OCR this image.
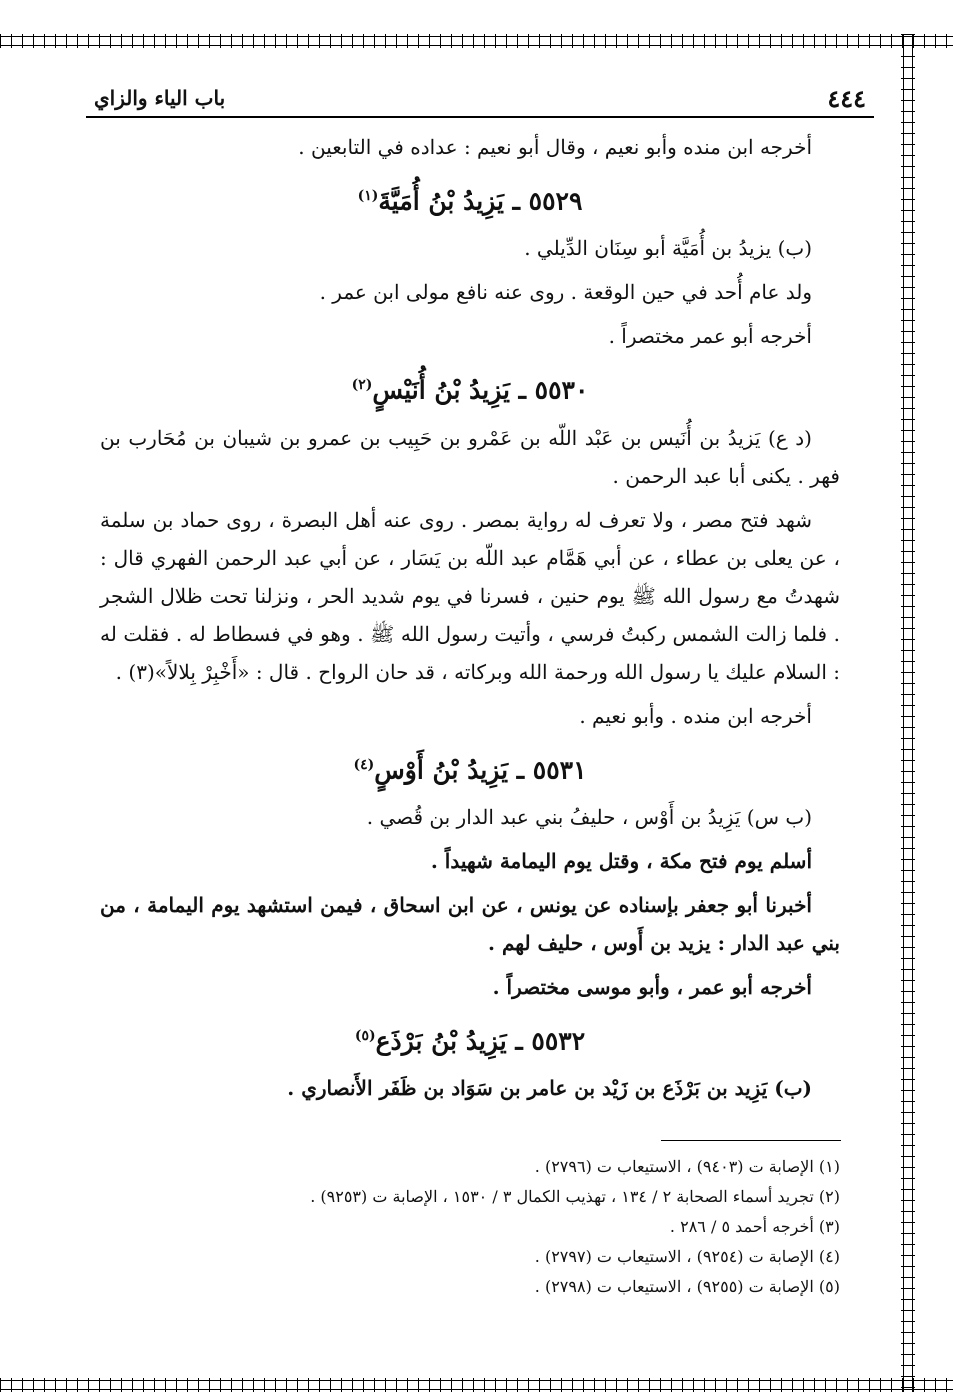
٤٤٤
باب الياء والزاي

أخرجه ابن منده وأبو نعيم ، وقال أبو نعيم : عداده في التابعين .

٥٥٢٩ ـ يَزِيدُ بْنُ أُمَيَّةَ$^{(١)}$

(ب) يزيدُ بن أُمَيَّة أبو سِنَان الدِّيلي .

ولد عام أُحد في حين الوقعة . روى عنه نافع مولى ابن عمر .

أخرجه أبو عمر مختصراً .

٥٥٣٠ ـ يَزِيدُ بْنُ أُنَيْسٍ$^{(٢)}$

(د ع) يَزيدُ بن أُنَيس بن عَبْد اللّه بن عَمْرو بن حَبِيب بن عمرو بن شيبان بن مُحَارب بن فهر . يكنى أبا عبد الرحمن .

شهد فتح مصر ، ولا تعرف له رواية بمصر . روى عنه أهل البصرة ، روى حماد بن سلمة ، عن يعلى بن عطاء ، عن أبي هَمَّام عبد اللّه بن يَسَار ، عن أبي عبد الرحمن الفهري قال : شهدتُ مع رسول الله ﷺ يوم حنين ، فسرنا في يوم شديد الحر ، ونزلنا تحت ظلال الشجر . فلما زالت الشمس ركبتُ فرسي ، وأتيت رسول الله ﷺ . وهو في فسطاط له . فقلت له : السلام عليك يا رسول الله ورحمة الله وبركاته ، قد حان الرواح . قال : «أَخْبِرْ بِلالاً»(٣) .

أخرجه ابن منده . وأبو نعيم .

٥٥٣١ ـ يَزِيدُ بْنُ أَوْسٍ$^{(٤)}$

(ب س) يَزِيدُ بن أَوْس ، حليفُ بني عبد الدار بن قُصي .

أسلم يوم فتح مكة ، وقتل يوم اليمامة شهيداً .

أخبرنا أبو جعفر بإسناده عن يونس ، عن ابن اسحاق ، فيمن استشهد يوم اليمامة ، من بني عبد الدار : يزيد بن أَوس ، حليف لهم .

أخرجه أبو عمر ، وأبو موسى مختصراً .

٥٥٣٢ ـ يَزِيدُ بْنُ بَرْذَع$^{(٥)}$

(ب) يَزِيد بن بَرْذَع بن زَيْد بن عامر بن سَوَاد بن ظَفَر الأَنصاري .

(١) الإصابة ت (٩٤٠٣) ، الاستيعاب ت (٢٧٩٦) .
(٢) تجريد أسماء الصحابة ٢ / ١٣٤ ، تهذيب الكمال ٣ / ١٥٣٠ ، الإصابة ت (٩٢٥٣) .
(٣) أخرجه أحمد ٥ / ٢٨٦ .
(٤) الإصابة ت (٩٢٥٤) ، الاستيعاب ت (٢٧٩٧) .
(٥) الإصابة ت (٩٢٥٥) ، الاستيعاب ت (٢٧٩٨) .
